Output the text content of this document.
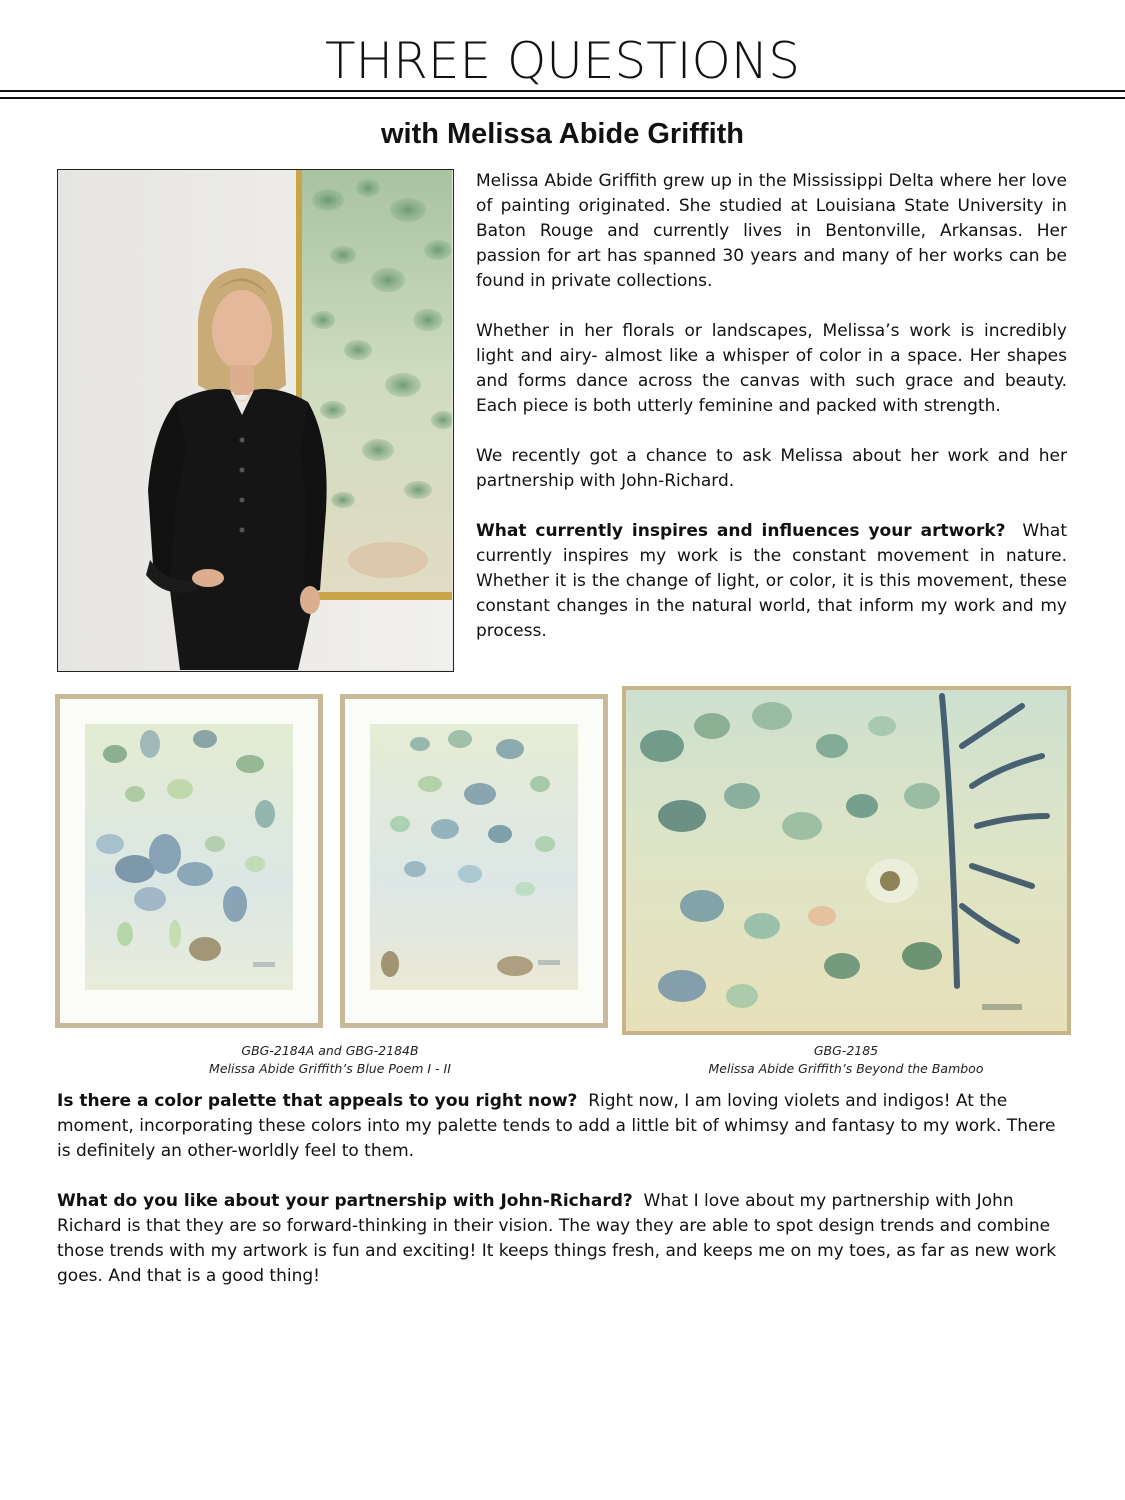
THREE QUESTIONS
with Melissa Abide Griffith

Melissa Abide Griffith grew up in the Mississippi Delta where her love of painting originated. She studied at Louisiana State University in Baton Rouge and currently lives in Bentonville, Arkansas. Her passion for art has spanned 30 years and many of her works can be found in private collections.

Whether in her florals or landscapes, Melissa’s work is incredibly light and airy- almost like a whisper of color in a space. Her shapes and forms dance across the canvas with such grace and beauty. Each piece is both utterly feminine and packed with strength.

We recently got a chance to ask Melissa about her work and her partnership with John-Richard.

What currently inspires and influences your artwork? What currently inspires my work is the constant movement in nature. Whether it is the change of light, or color, it is this movement, these constant changes in the natural world, that inform my work and my process.

GBG-2184A and GBG-2184B
Melissa Abide Griffith’s Blue Poem I - II
GBG-2185
Melissa Abide Griffith’s Beyond the Bamboo

Is there a color palette that appeals to you right now? Right now, I am loving violets and indigos! At the moment, incorporating these colors into my palette tends to add a little bit of whimsy and fantasy to my work. There is definitely an other-worldly feel to them.

What do you like about your partnership with John-Richard? What I love about my partnership with John Richard is that they are so forward-thinking in their vision. The way they are able to spot design trends and combine those trends with my artwork is fun and exciting! It keeps things fresh, and keeps me on my toes, as far as new work goes. And that is a good thing!
